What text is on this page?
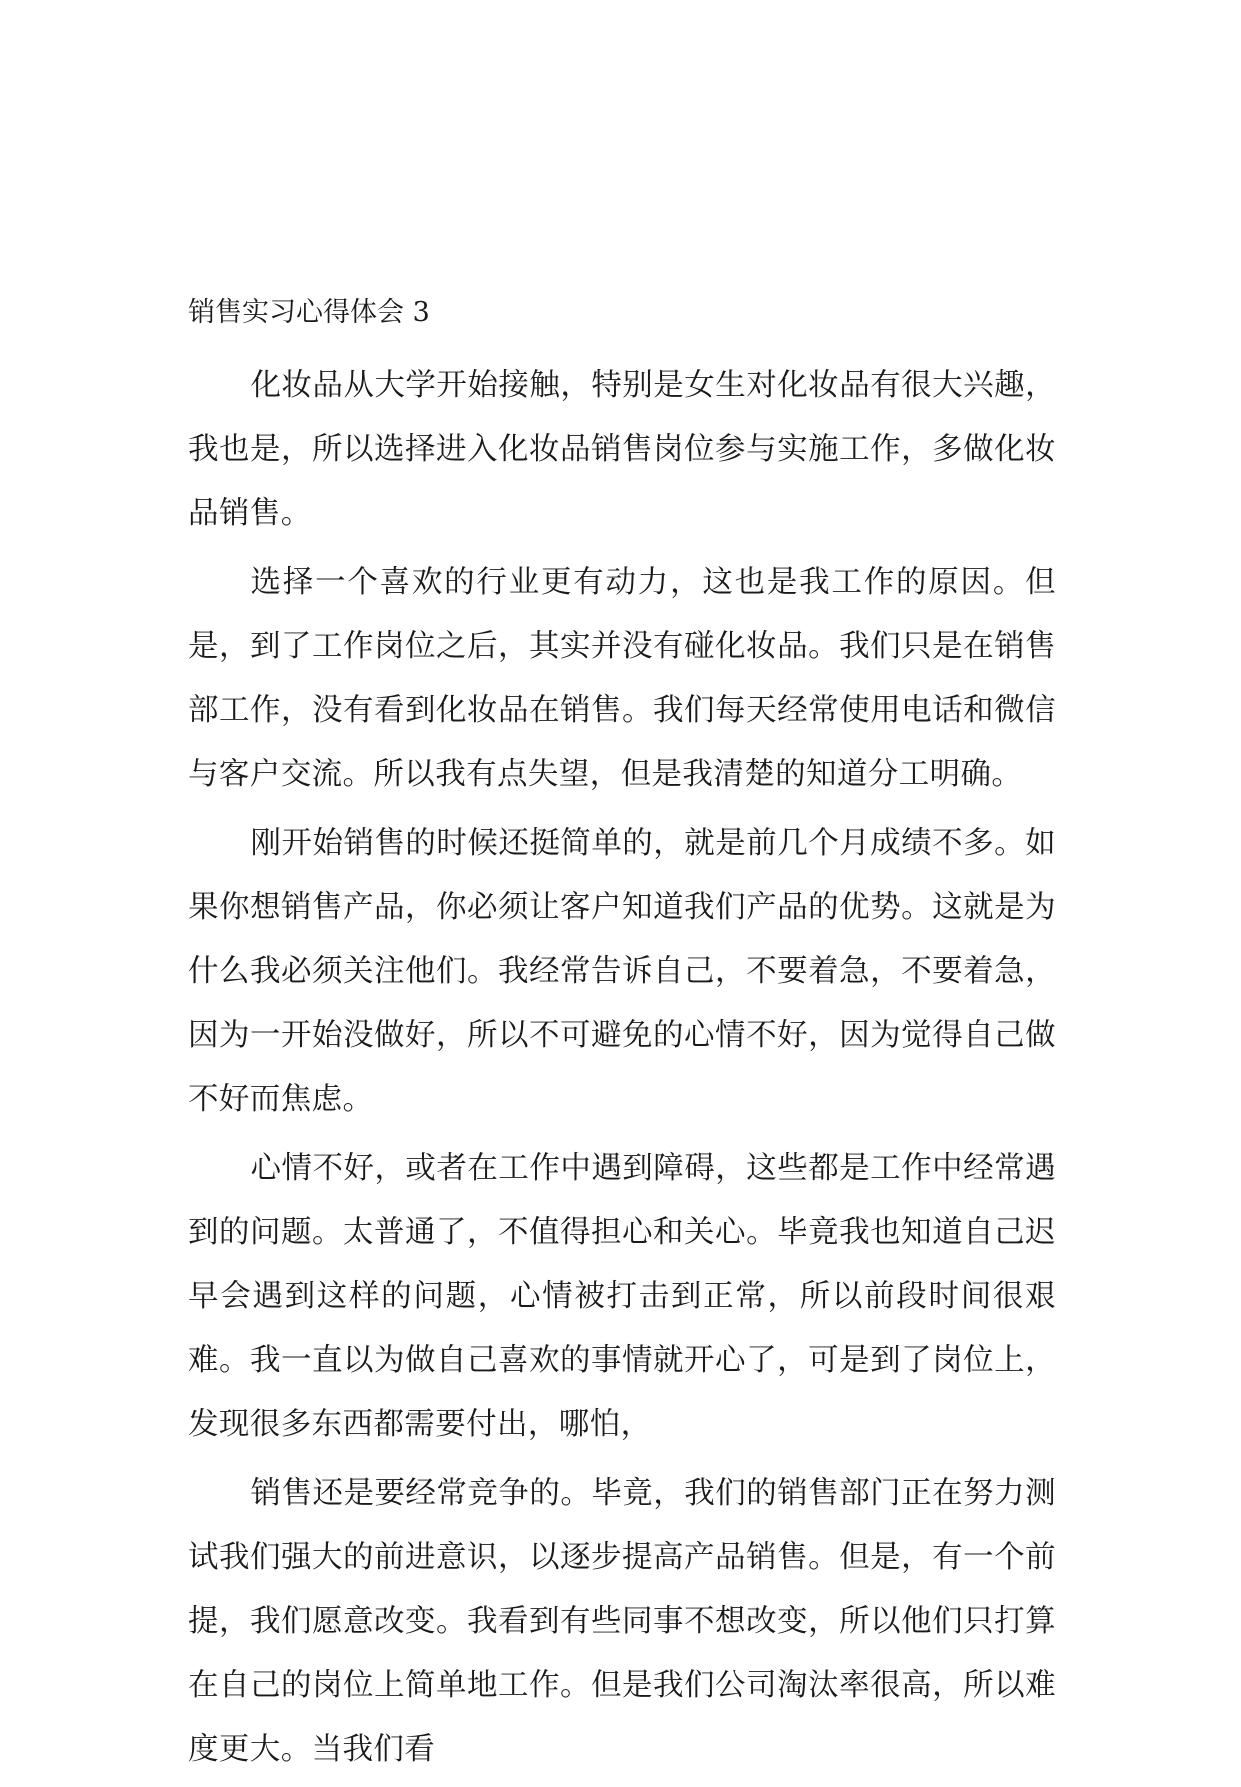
销售实习心得体会 3

化妆品从大学开始接触，特别是女生对化妆品有很大兴趣，我也是，所以选择进入化妆品销售岗位参与实施工作，多做化妆品销售。

选择一个喜欢的行业更有动力，这也是我工作的原因。但是，到了工作岗位之后，其实并没有碰化妆品。我们只是在销售部工作，没有看到化妆品在销售。我们每天经常使用电话和微信与客户交流。所以我有点失望，但是我清楚的知道分工明确。

刚开始销售的时候还挺简单的，就是前几个月成绩不多。如果你想销售产品，你必须让客户知道我们产品的优势。这就是为什么我必须关注他们。我经常告诉自己，不要着急，不要着急，因为一开始没做好，所以不可避免的心情不好，因为觉得自己做不好而焦虑。

心情不好，或者在工作中遇到障碍，这些都是工作中经常遇到的问题。太普通了，不值得担心和关心。毕竟我也知道自己迟早会遇到这样的问题，心情被打击到正常，所以前段时间很艰难。我一直以为做自己喜欢的事情就开心了，可是到了岗位上，发现很多东西都需要付出，哪怕，

销售还是要经常竞争的。毕竟，我们的销售部门正在努力测试我们强大的前进意识，以逐步提高产品销售。但是，有一个前提，我们愿意改变。我看到有些同事不想改变，所以他们只打算在自己的岗位上简单地工作。但是我们公司淘汰率很高，所以难度更大。当我们看
